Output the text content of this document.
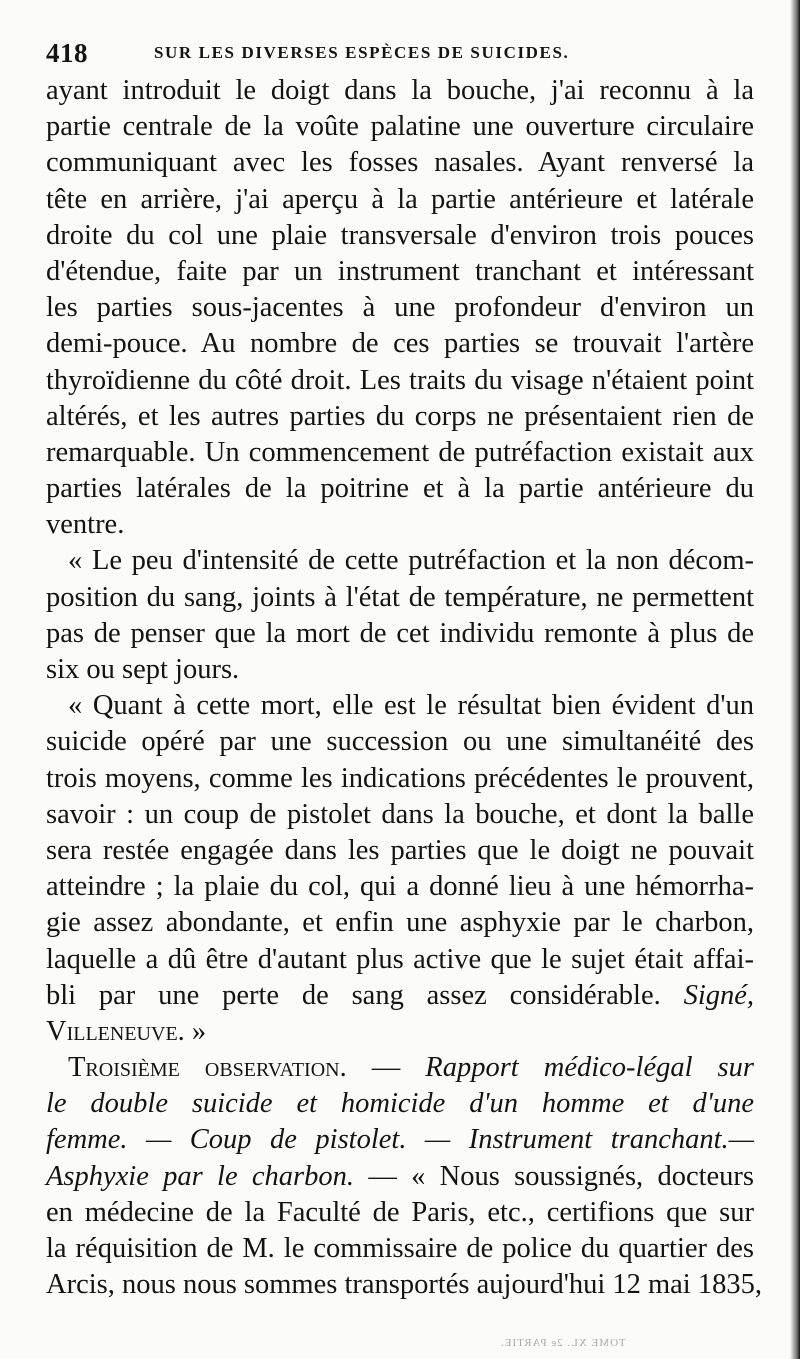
418	SUR LES DIVERSES ESPÈCES DE SUICIDES.
ayant introduit le doigt dans la bouche, j'ai reconnu à la
partie centrale de la voûte palatine une ouverture circulaire
communiquant avec les fosses nasales. Ayant renversé la
tête en arrière, j'ai aperçu à la partie antérieure et latérale
droite du col une plaie transversale d'environ trois pouces
d'étendue, faite par un instrument tranchant et intéressant
les parties sous-jacentes à une profondeur d'environ un
demi-pouce. Au nombre de ces parties se trouvait l'artère
thyroïdienne du côté droit. Les traits du visage n'étaient point
altérés, et les autres parties du corps ne présentaient rien de
remarquable. Un commencement de putréfaction existait aux
parties latérales de la poitrine et à la partie antérieure du
ventre.
« Le peu d'intensité de cette putréfaction et la non décom-
position du sang, joints à l'état de température, ne permettent
pas de penser que la mort de cet individu remonte à plus de
six ou sept jours.
« Quant à cette mort, elle est le résultat bien évident d'un
suicide opéré par une succession ou une simultanéité des
trois moyens, comme les indications précédentes le prouvent,
savoir : un coup de pistolet dans la bouche, et dont la balle
sera restée engagée dans les parties que le doigt ne pouvait
atteindre ; la plaie du col, qui a donné lieu à une hémorrha-
gie assez abondante, et enfin une asphyxie par le charbon,
laquelle a dû être d'autant plus active que le sujet était affai-
bli par une perte de sang assez considérable. Signé,
Villeneuve. »
Troisième observation. — Rapport médico-légal sur
le double suicide et homicide d'un homme et d'une
femme. — Coup de pistolet. — Instrument tranchant.—
Asphyxie par le charbon. — « Nous soussignés, docteurs
en médecine de la Faculté de Paris, etc., certifions que sur
la réquisition de M. le commissaire de police du quartier des
Arcis, nous nous sommes transportés aujourd'hui 12 mai 1835,
TOME XL. 2e PARTIE.
